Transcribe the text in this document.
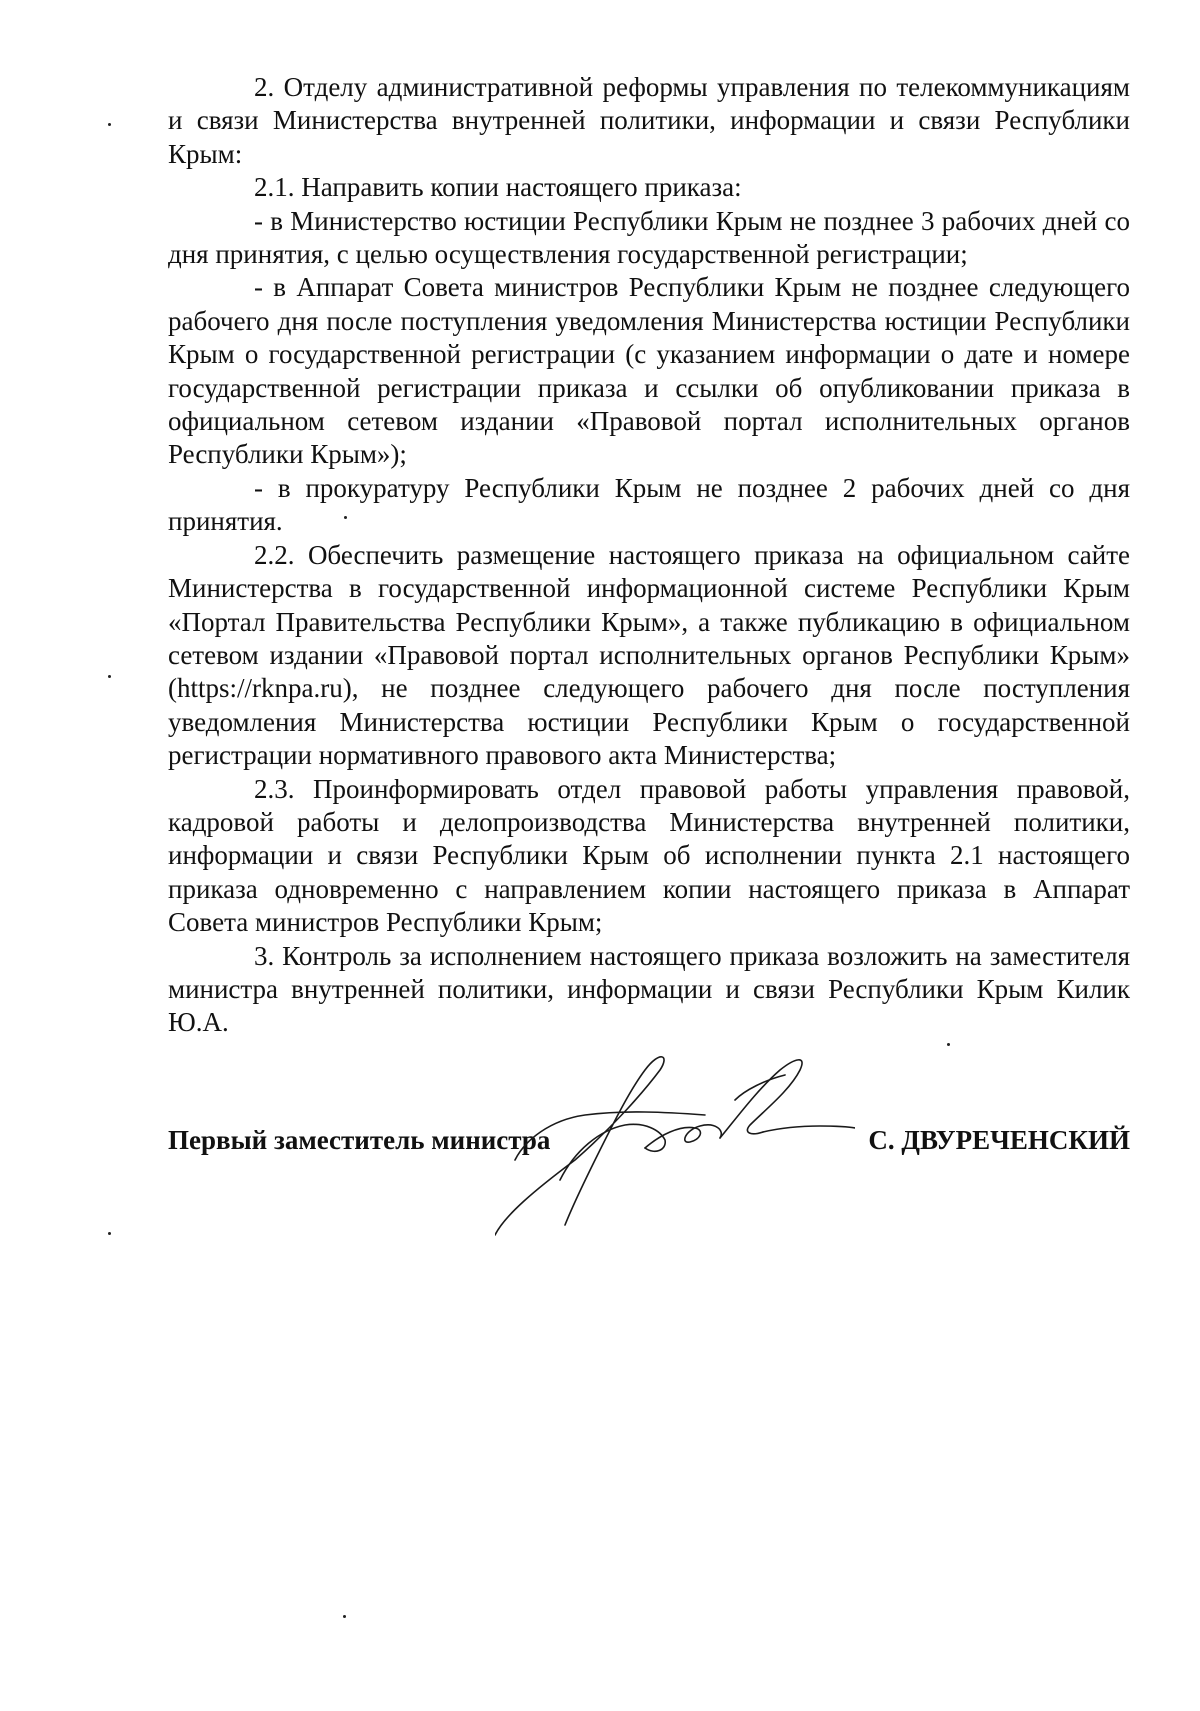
2. Отделу административной реформы управления по телекоммуникациям и связи Министерства внутренней политики, информации и связи Республики Крым:

2.1. Направить копии настоящего приказа:

- в Министерство юстиции Республики Крым не позднее 3 рабочих дней со дня принятия, с целью осуществления государственной регистрации;

- в Аппарат Совета министров Республики Крым не позднее следующего рабочего дня после поступления уведомления Министерства юстиции Республики Крым о государственной регистрации (с указанием информации о дате и номере государственной регистрации приказа и ссылки об опубликовании приказа в официальном сетевом издании «Правовой портал исполнительных органов Республики Крым»);

- в прокуратуру Республики Крым не позднее 2 рабочих дней со дня принятия.

2.2. Обеспечить размещение настоящего приказа на официальном сайте Министерства в государственной информационной системе Республики Крым «Портал Правительства Республики Крым», а также публикацию в официальном сетевом издании «Правовой портал исполнительных органов Республики Крым» (https://rknpa.ru), не позднее следующего рабочего дня после поступления уведомления Министерства юстиции Республики Крым о государственной регистрации нормативного правового акта Министерства;

2.3. Проинформировать отдел правовой работы управления правовой, кадровой работы и делопроизводства Министерства внутренней политики, информации и связи Республики Крым об исполнении пункта 2.1 настоящего приказа одновременно с направлением копии настоящего приказа в Аппарат Совета министров Республики Крым;

3. Контроль за исполнением настоящего приказа возложить на заместителя министра внутренней политики, информации и связи Республики Крым Килик Ю.А.

Первый заместитель министра	С. ДВУРЕЧЕНСКИЙ
